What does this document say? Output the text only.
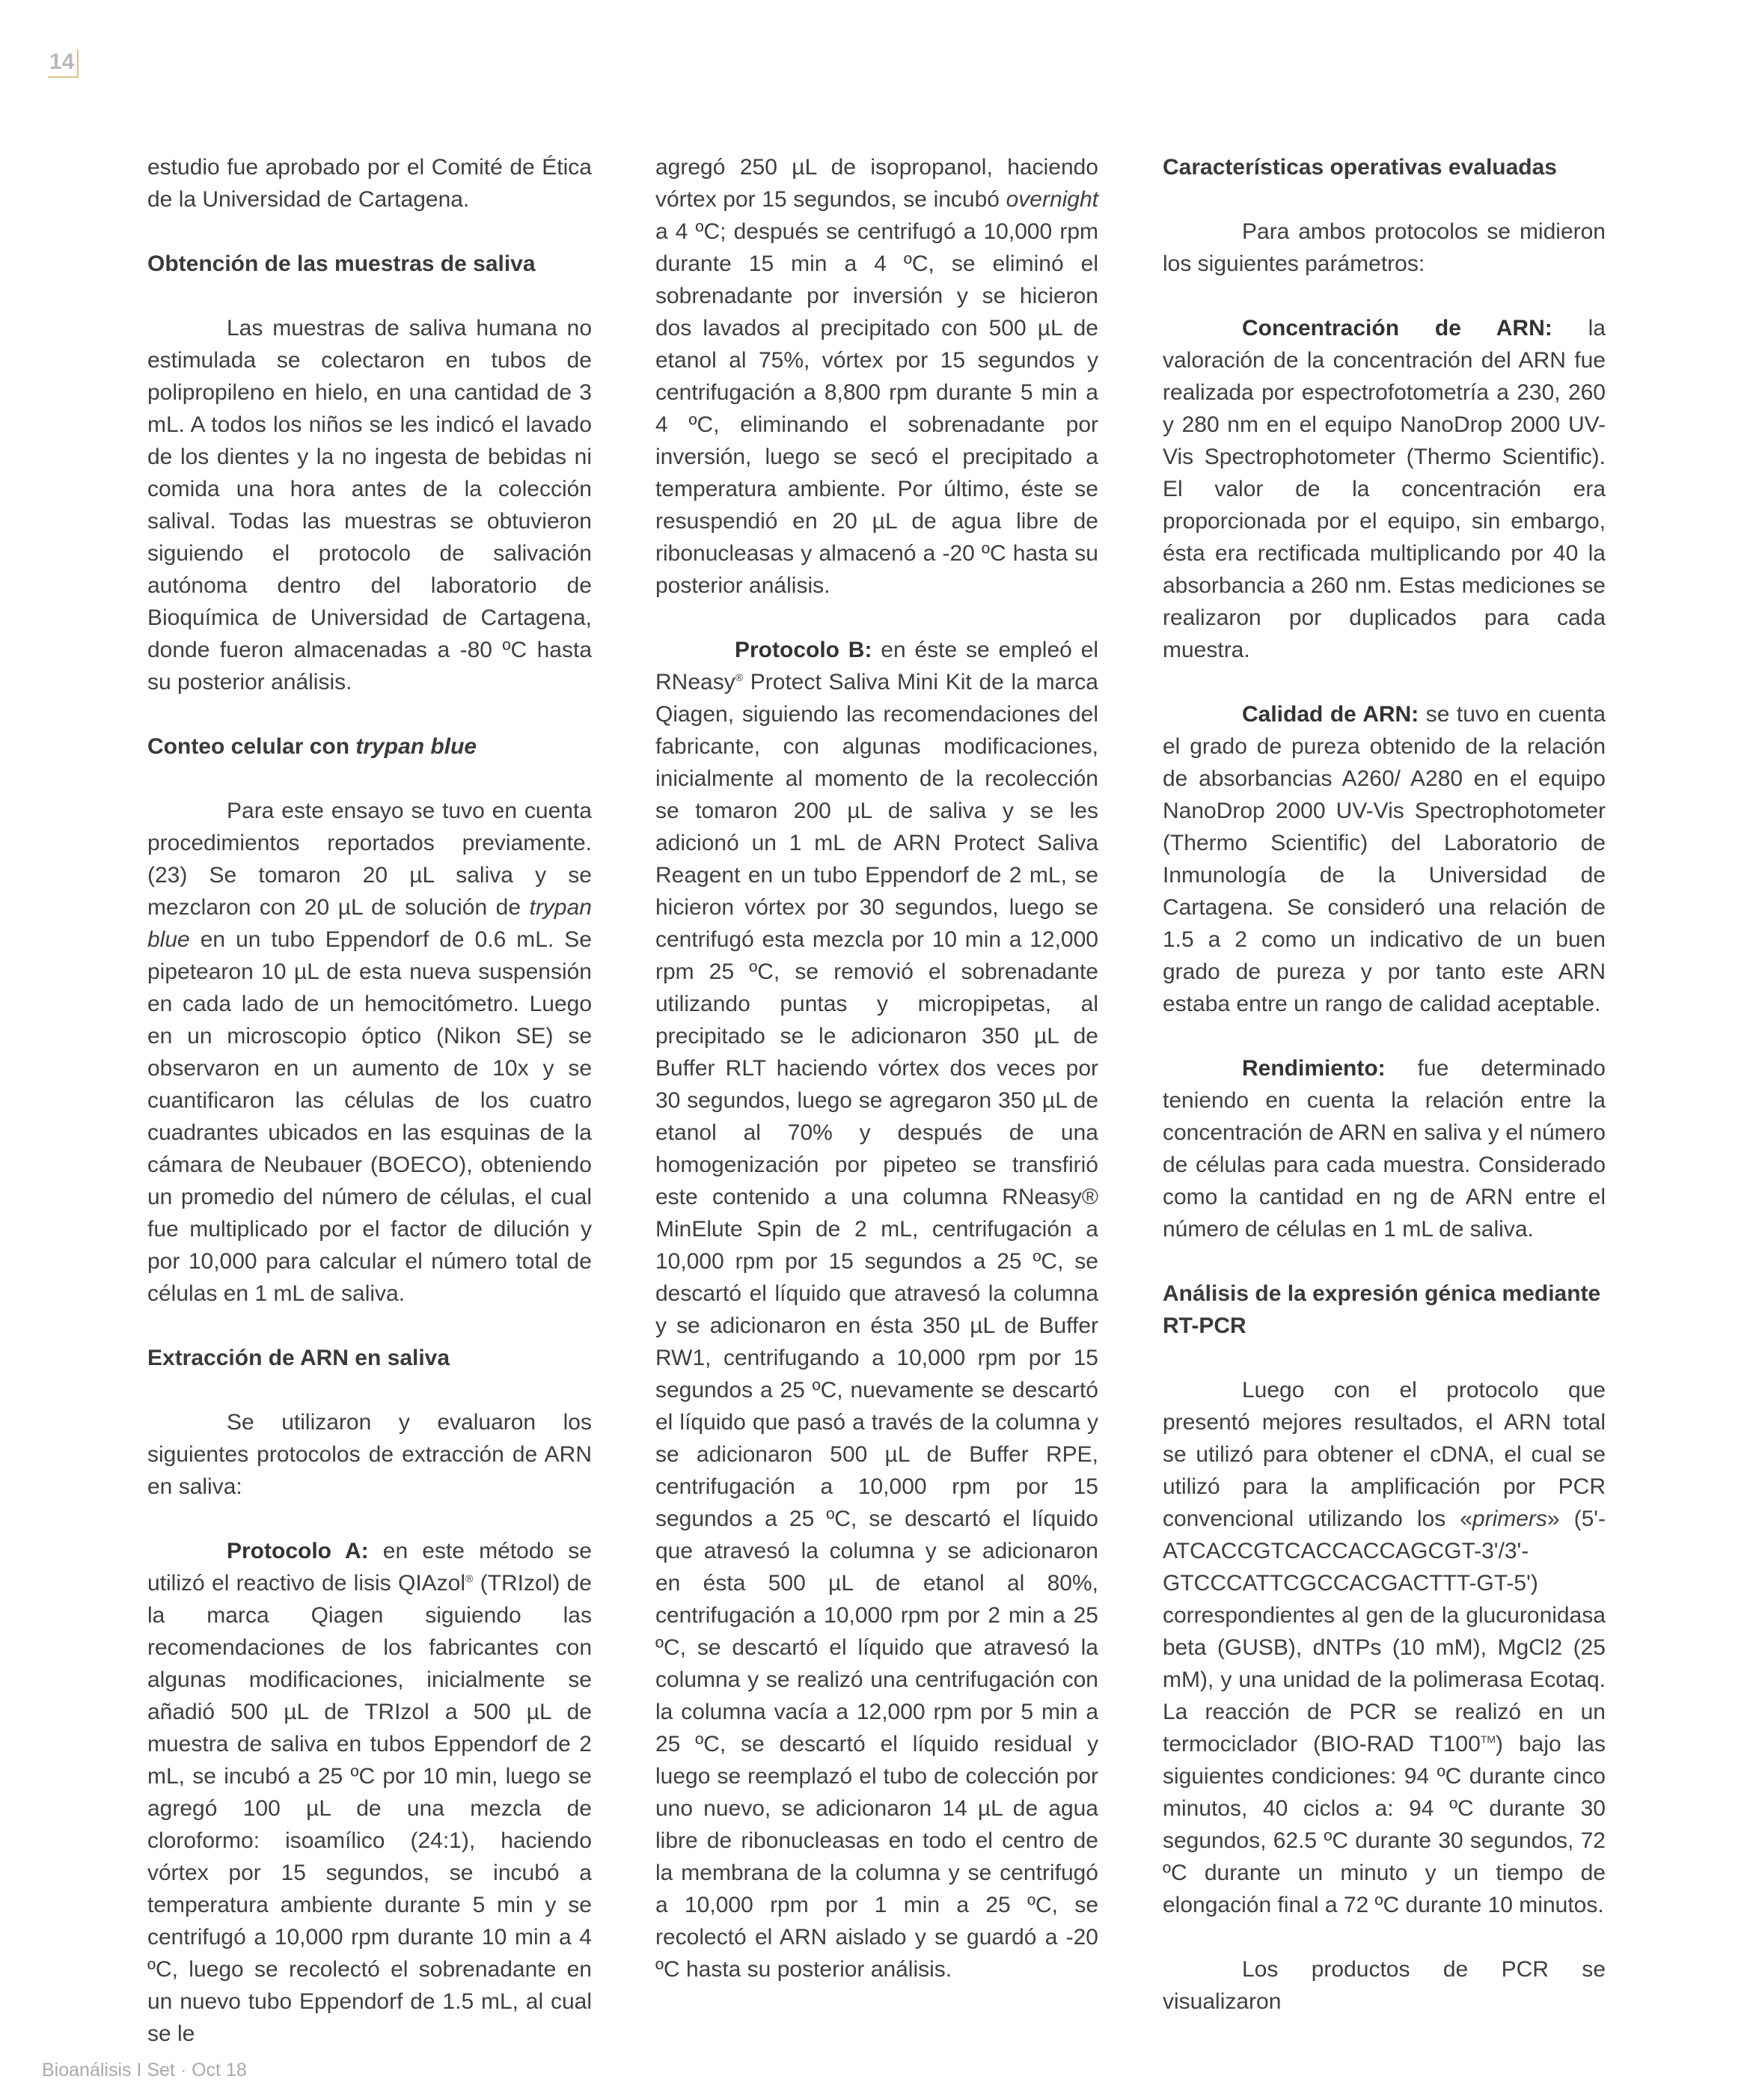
14

estudio fue aprobado por el Comité de Ética de la Universidad de Cartagena.

Obtención de las muestras de saliva

Las muestras de saliva humana no estimulada se colectaron en tubos de polipropileno en hielo, en una cantidad de 3 mL. A todos los niños se les indicó el lavado de los dientes y la no ingesta de bebidas ni comida una hora antes de la colección salival. Todas las muestras se obtuvieron siguiendo el protocolo de salivación autónoma dentro del laboratorio de Bioquímica de Universidad de Cartagena, donde fueron almacenadas a -80 ºC hasta su posterior análisis.

Conteo celular con trypan blue

Para este ensayo se tuvo en cuenta procedimientos reportados previamente. (23) Se tomaron 20 µL saliva y se mezclaron con 20 µL de solución de trypan blue en un tubo Eppendorf de 0.6 mL. Se pipetearon 10 µL de esta nueva suspensión en cada lado de un hemocitómetro. Luego en un microscopio óptico (Nikon SE) se observaron en un aumento de 10x y se cuantificaron las células de los cuatro cuadrantes ubicados en las esquinas de la cámara de Neubauer (BOECO), obteniendo un promedio del número de células, el cual fue multiplicado por el factor de dilución y por 10,000 para calcular el número total de células en 1 mL de saliva.

Extracción de ARN en saliva

Se utilizaron y evaluaron los siguientes protocolos de extracción de ARN en saliva:

Protocolo A: en este método se utilizó el reactivo de lisis QIAzol® (TRIzol) de la marca Qiagen siguiendo las recomendaciones de los fabricantes con algunas modificaciones, inicialmente se añadió 500 µL de TRIzol a 500 µL de muestra de saliva en tubos Eppendorf de 2 mL, se incubó a 25 ºC por 10 min, luego se agregó 100 µL de una mezcla de cloroformo: isoamílico (24:1), haciendo vórtex por 15 segundos, se incubó a temperatura ambiente durante 5 min y se centrifugó a 10,000 rpm durante 10 min a 4 ºC, luego se recolectó el sobrenadante en un nuevo tubo Eppendorf de 1.5 mL, al cual se le

agregó 250 µL de isopropanol, haciendo vórtex por 15 segundos, se incubó overnight a 4 ºC; después se centrifugó a 10,000 rpm durante 15 min a 4 ºC, se eliminó el sobrenadante por inversión y se hicieron dos lavados al precipitado con 500 µL de etanol al 75%, vórtex por 15 segundos y centrifugación a 8,800 rpm durante 5 min a 4 ºC, eliminando el sobrenadante por inversión, luego se secó el precipitado a temperatura ambiente. Por último, éste se resuspendió en 20 µL de agua libre de ribonucleasas y almacenó a -20 ºC hasta su posterior análisis.

Protocolo B: en éste se empleó el RNeasy® Protect Saliva Mini Kit de la marca Qiagen, siguiendo las recomendaciones del fabricante, con algunas modificaciones, inicialmente al momento de la recolección se tomaron 200 µL de saliva y se les adicionó un 1 mL de ARN Protect Saliva Reagent en un tubo Eppendorf de 2 mL, se hicieron vórtex por 30 segundos, luego se centrifugó esta mezcla por 10 min a 12,000 rpm 25 ºC, se removió el sobrenadante utilizando puntas y micropipetas, al precipitado se le adicionaron 350 µL de Buffer RLT haciendo vórtex dos veces por 30 segundos, luego se agregaron 350 µL de etanol al 70% y después de una homogenización por pipeteo se transfirió este contenido a una columna RNeasy® MinElute Spin de 2 mL, centrifugación a 10,000 rpm por 15 segundos a 25 ºC, se descartó el líquido que atravesó la columna y se adicionaron en ésta 350 µL de Buffer RW1, centrifugando a 10,000 rpm por 15 segundos a 25 ºC, nuevamente se descartó el líquido que pasó a través de la columna y se adicionaron 500 µL de Buffer RPE, centrifugación a 10,000 rpm por 15 segundos a 25 ºC, se descartó el líquido que atravesó la columna y se adicionaron en ésta 500 µL de etanol al 80%, centrifugación a 10,000 rpm por 2 min a 25 ºC, se descartó el líquido que atravesó la columna y se realizó una centrifugación con la columna vacía a 12,000 rpm por 5 min a 25 ºC, se descartó el líquido residual y luego se reemplazó el tubo de colección por uno nuevo, se adicionaron 14 µL de agua libre de ribonucleasas en todo el centro de la membrana de la columna y se centrifugó a 10,000 rpm por 1 min a 25 ºC, se recolectó el ARN aislado y se guardó a -20 ºC hasta su posterior análisis.

Características operativas evaluadas

Para ambos protocolos se midieron los siguientes parámetros:

Concentración de ARN: la valoración de la concentración del ARN fue realizada por espectrofotometría a 230, 260 y 280 nm en el equipo NanoDrop 2000 UV-Vis Spectrophotometer (Thermo Scientific). El valor de la concentración era proporcionada por el equipo, sin embargo, ésta era rectificada multiplicando por 40 la absorbancia a 260 nm. Estas mediciones se realizaron por duplicados para cada muestra.

Calidad de ARN: se tuvo en cuenta el grado de pureza obtenido de la relación de absorbancias A260/ A280 en el equipo NanoDrop 2000 UV-Vis Spectrophotometer (Thermo Scientific) del Laboratorio de Inmunología de la Universidad de Cartagena. Se consideró una relación de 1.5 a 2 como un indicativo de un buen grado de pureza y por tanto este ARN estaba entre un rango de calidad aceptable.

Rendimiento: fue determinado teniendo en cuenta la relación entre la concentración de ARN en saliva y el número de células para cada muestra. Considerado como la cantidad en ng de ARN entre el número de células en 1 mL de saliva.

Análisis de la expresión génica mediante RT-PCR

Luego con el protocolo que presentó mejores resultados, el ARN total se utilizó para obtener el cDNA, el cual se utilizó para la amplificación por PCR convencional utilizando los «primers» (5'-ATCACCGTCACCACCAGCGT-3'/3'-GTCCCATTCGCCACGACTTT-GT-5') correspondientes al gen de la glucuronidasa beta (GUSB), dNTPs (10 mM), MgCl2 (25 mM), y una unidad de la polimerasa Ecotaq. La reacción de PCR se realizó en un termociclador (BIO-RAD T100™) bajo las siguientes condiciones: 94 ºC durante cinco minutos, 40 ciclos a: 94 ºC durante 30 segundos, 62.5 ºC durante 30 segundos, 72 ºC durante un minuto y un tiempo de elongación final a 72 ºC durante 10 minutos.

Los productos de PCR se visualizaron

Bioanálisis I Set · Oct 18
